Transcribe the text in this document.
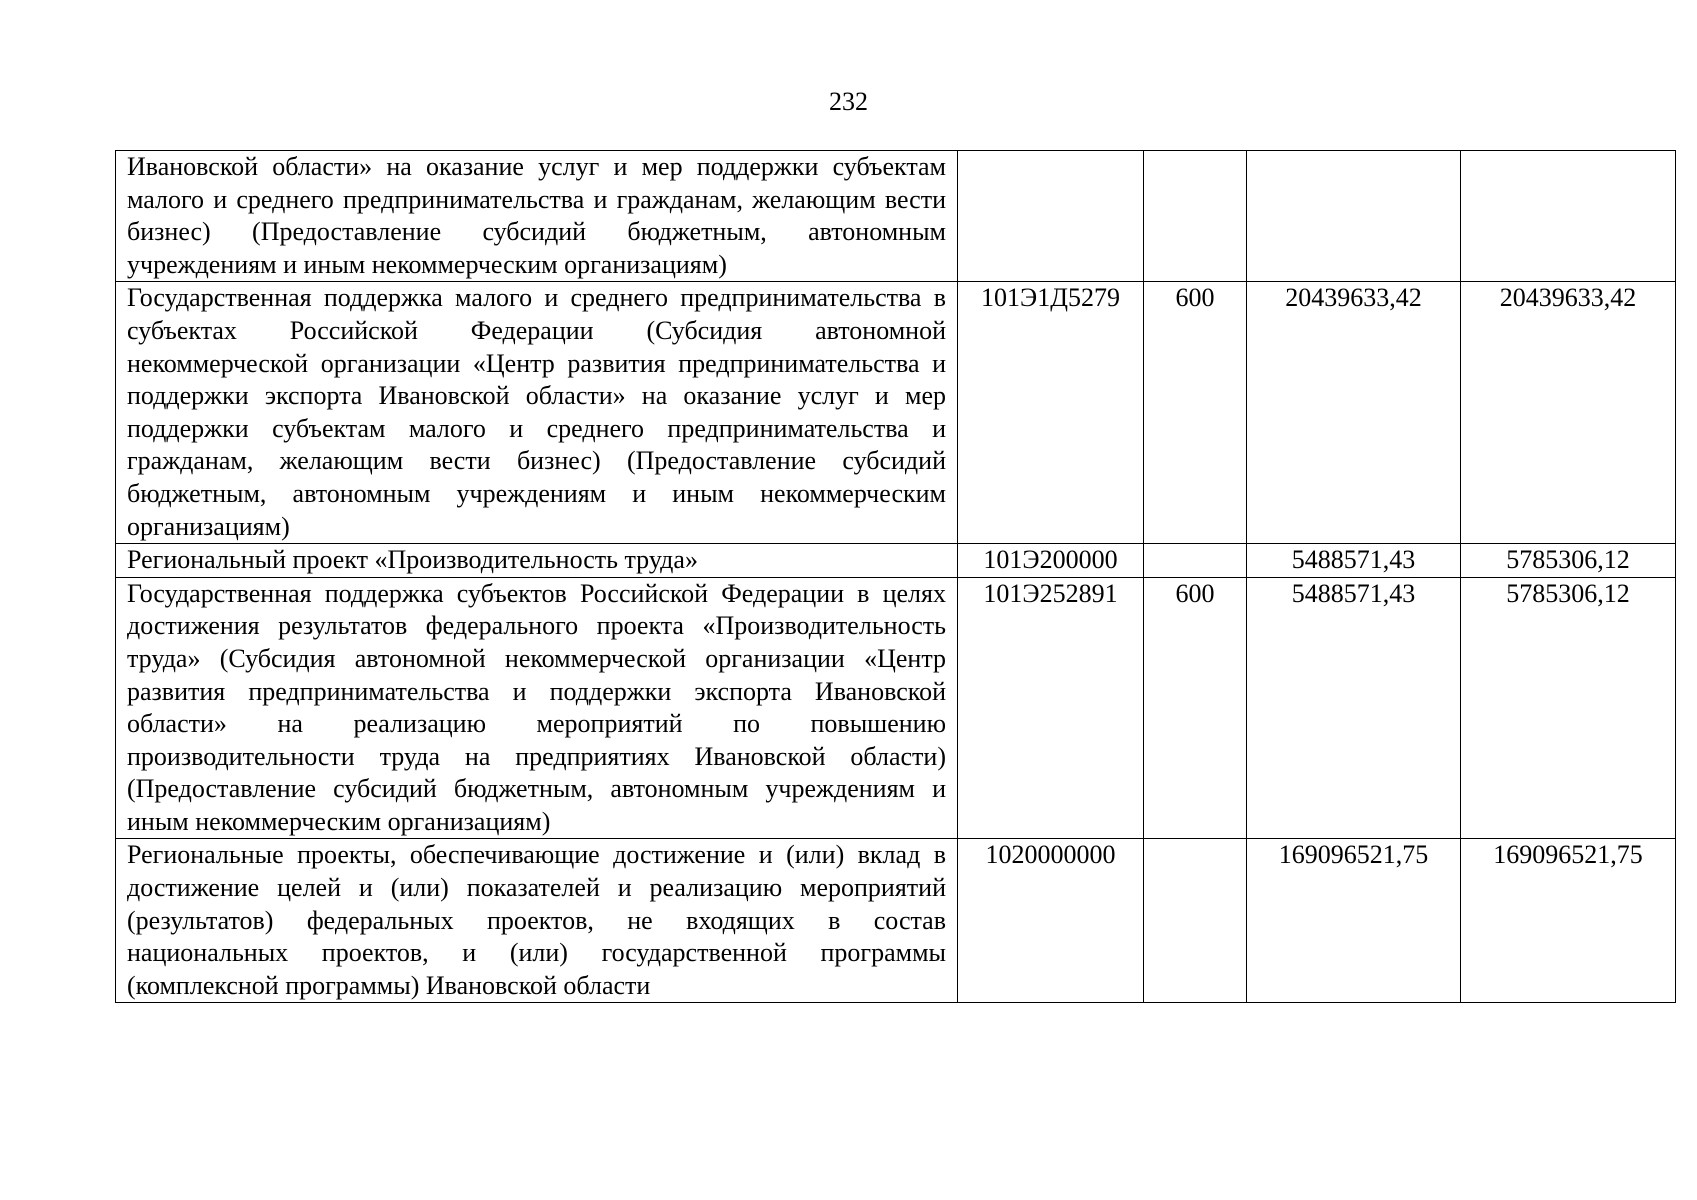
232
Ивановской области» на оказание услуг и мер поддержки субъектам малого и среднего предпринимательства и гражданам, желающим вести бизнес) (Предоставление субсидий бюджетным, автономным учреждениям и иным некоммерческим организациям)				
Государственная поддержка малого и среднего предпринимательства в субъектах Российской Федерации (Субсидия автономной некоммерческой организации «Центр развития предпринимательства и поддержки экспорта Ивановской области» на оказание услуг и мер поддержки субъектам малого и среднего предпринимательства и гражданам, желающим вести бизнес) (Предоставление субсидий бюджетным, автономным учреждениям и иным некоммерческим организациям)	101Э1Д5279	600	20439633,42	20439633,42
Региональный проект «Производительность труда»	101Э200000		5488571,43	5785306,12
Государственная поддержка субъектов Российской Федерации в целях достижения результатов федерального проекта «Производительность труда» (Субсидия автономной некоммерческой организации «Центр развития предпринимательства и поддержки экспорта Ивановской области» на реализацию мероприятий по повышению производительности труда на предприятиях Ивановской области) (Предоставление субсидий бюджетным, автономным учреждениям и иным некоммерческим организациям)	101Э252891	600	5488571,43	5785306,12
Региональные проекты, обеспечивающие достижение и (или) вклад в достижение целей и (или) показателей и реализацию мероприятий (результатов) федеральных проектов, не входящих в состав национальных проектов, и (или) государственной программы (комплексной программы) Ивановской области	1020000000		169096521,75	169096521,75
